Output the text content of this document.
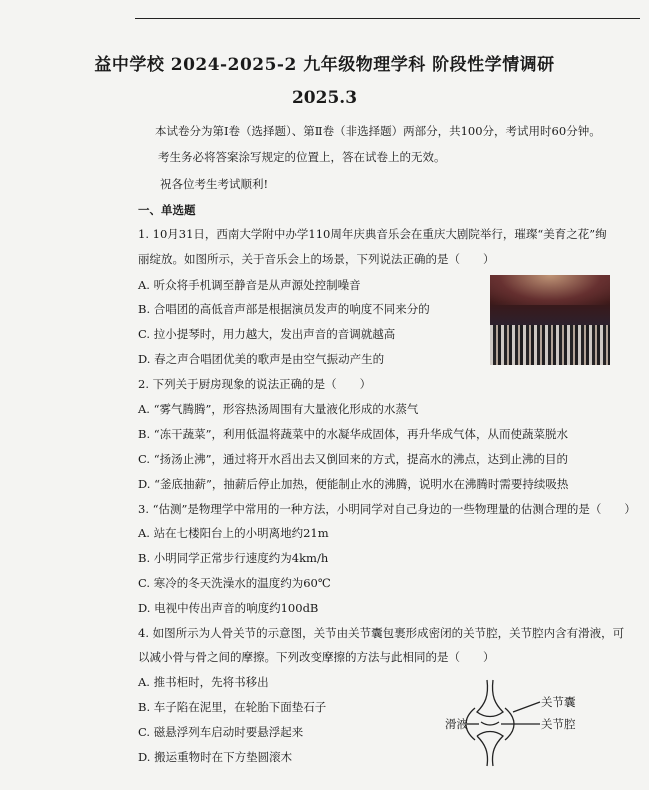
益中学校 2024-2025-2 九年级物理学科 阶段性学情调研
2025.3
本试卷分为第Ⅰ卷（选择题）、第Ⅱ卷（非选择题）两部分，共100分，考试用时60分钟。
考生务必将答案涂写规定的位置上，答在试卷上的无效。
祝各位考生考试顺利!
一、单选题
1. 10月31日，西南大学附中办学110周年庆典音乐会在重庆大剧院举行，璀璨“美育之花”绚
丽绽放。如图所示，关于音乐会上的场景，下列说法正确的是（　　）
A. 听众将手机调至静音是从声源处控制噪音
B. 合唱团的高低音声部是根据演员发声的响度不同来分的
C. 拉小提琴时，用力越大，发出声音的音调就越高
D. 春之声合唱团优美的歌声是由空气振动产生的
2. 下列关于厨房现象的说法正确的是（　　）
A. “雾气腾腾”，形容热汤周围有大量液化形成的水蒸气
B. “冻干蔬菜”，利用低温将蔬菜中的水凝华成固体，再升华成气体，从而使蔬菜脱水
C. “扬汤止沸”，通过将开水舀出去又倒回来的方式，提高水的沸点，达到止沸的目的
D. “釜底抽薪”，抽薪后停止加热，便能制止水的沸腾，说明水在沸腾时需要持续吸热
3. “估测”是物理学中常用的一种方法，小明同学对自己身边的一些物理量的估测合理的是（　　）
A. 站在七楼阳台上的小明离地约21m
B. 小明同学正常步行速度约为4km/h
C. 寒冷的冬天洗澡水的温度约为60℃
D. 电视中传出声音的响度约100dB
4. 如图所示为人骨关节的示意图，关节由关节囊包裹形成密闭的关节腔，关节腔内含有滑液，可
以减小骨与骨之间的摩擦。下列改变摩擦的方法与此相同的是（　　）
A. 推书柜时，先将书移出
B. 车子陷在泥里，在轮胎下面垫石子
C. 磁悬浮列车启动时要悬浮起来
D. 搬运重物时在下方垫圆滚木
关节囊
关节腔
滑液
